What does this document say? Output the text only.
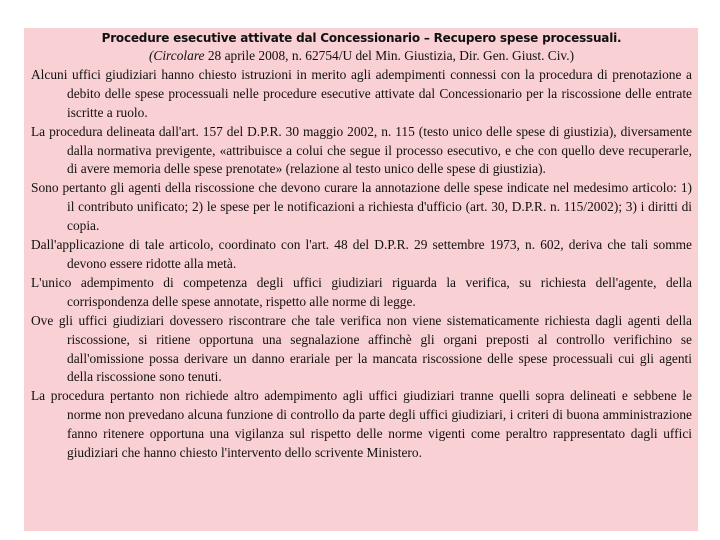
Procedure esecutive attivate dal Concessionario – Recupero spese processuali.

(Circolare 28 aprile 2008, n. 62754/U del Min. Giustizia, Dir. Gen. Giust. Civ.)

Alcuni uffici giudiziari hanno chiesto istruzioni in merito agli adempimenti connessi con la procedura di prenotazione a debito delle spese processuali nelle procedure esecutive attivate dal Concessionario per la riscossione delle entrate iscritte a ruolo.

La procedura delineata dall'art. 157 del D.P.R. 30 maggio 2002, n. 115 (testo unico delle spese di giustizia), diversamente dalla normativa previgente, «attribuisce a colui che segue il processo esecutivo, e che con quello deve recuperarle, di avere memoria delle spese prenotate» (relazione al testo unico delle spese di giustizia).

Sono pertanto gli agenti della riscossione che devono curare la annotazione delle spese indicate nel medesimo articolo: 1) il contributo unificato; 2) le spese per le notificazioni a richiesta d'ufficio (art. 30, D.P.R. n. 115/2002); 3) i diritti di copia.

Dall'applicazione di tale articolo, coordinato con l'art. 48 del D.P.R. 29 settembre 1973, n. 602, deriva che tali somme devono essere ridotte alla metà.

L'unico adempimento di competenza degli uffici giudiziari riguarda la verifica, su richiesta dell'agente, della corrispondenza delle spese annotate, rispetto alle norme di legge.

Ove gli uffici giudiziari dovessero riscontrare che tale verifica non viene sistematicamente richiesta dagli agenti della riscossione, si ritiene opportuna una segnalazione affinchè gli organi preposti al controllo verifichino se dall'omissione possa derivare un danno erariale per la mancata riscossione delle spese processuali cui gli agenti della riscossione sono tenuti.

La procedura pertanto non richiede altro adempimento agli uffici giudiziari tranne quelli sopra delineati e sebbene le norme non prevedano alcuna funzione di controllo da parte degli uffici giudiziari, i criteri di buona amministrazione fanno ritenere opportuna una vigilanza sul rispetto delle norme vigenti come peraltro rappresentato dagli uffici giudiziari che hanno chiesto l'intervento dello scrivente Ministero.
